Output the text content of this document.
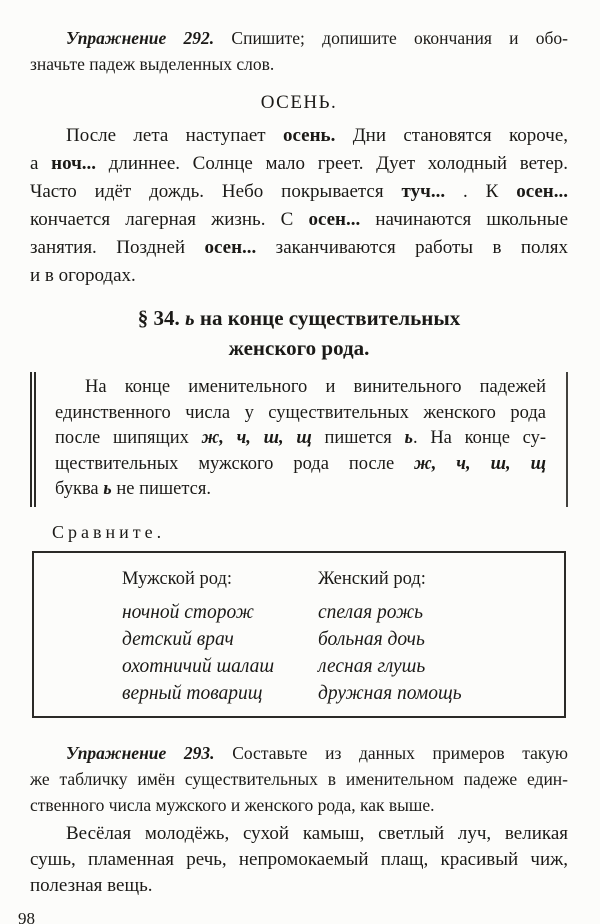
Упражнение 292. Спишите; допишите окончания и обо-
значьте падеж выделенных слов.
ОСЕНЬ.
После лета наступает осень. Дни становятся короче,
а ноч... длиннее. Солнце мало греет. Дует холодный ветер.
Часто идёт дождь. Небо покрывается туч... . К осен...
кончается лагерная жизнь. С осен... начинаются школьные
занятия. Поздней осен... заканчиваются работы в полях
и в огородах.
§ 34. ь на конце существительных
женского рода.
На конце именительного и винительного падежей
единственного числа у существительных женского рода
после шипящих ж, ч, ш, щ пишется ь. На конце су-
ществительных мужского рода после ж, ч, ш, щ
буква ь не пишется.
Сравните.
Мужской род:	Женский род:
ночной сторож	спелая рожь
детский врач	больная дочь
охотничий шалаш	лесная глушь
верный товарищ	дружная помощь
Упражнение 293. Составьте из данных примеров такую
же табличку имён существительных в именительном падеже един-
ственного числа мужского и женского рода, как выше.
Весёлая молодёжь, сухой камыш, светлый луч, великая
сушь, пламенная речь, непромокаемый плащ, красивый чиж,
полезная вещь.
98
